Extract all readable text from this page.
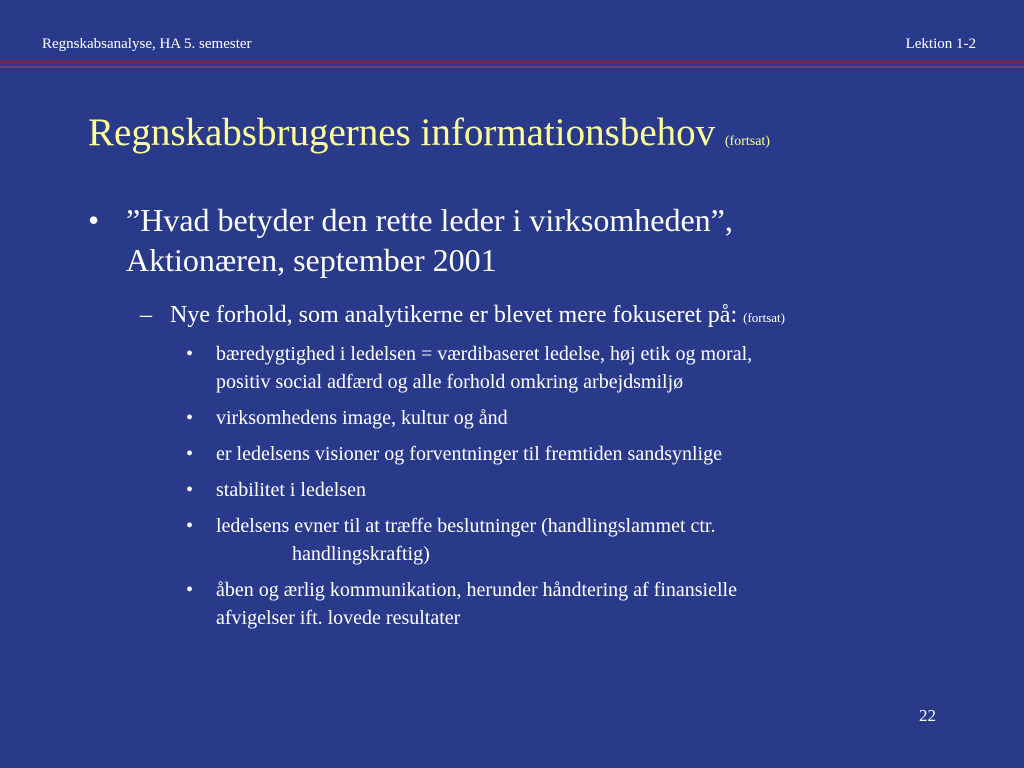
Regnskabsanalyse, HA 5. semester	Lektion 1-2
Regnskabsbrugernes informationsbehov (fortsat)
• ”Hvad betyder den rette leder i virksomheden”,
Aktionæren, september 2001
– Nye forhold, som analytikerne er blevet mere fokuseret på: (fortsat)
• bæredygtighed i ledelsen = værdibaseret ledelse, høj etik og moral,
positiv social adfærd og alle forhold omkring arbejdsmiljø
• virksomhedens image, kultur og ånd
• er ledelsens visioner og forventninger til fremtiden sandsynlige
• stabilitet i ledelsen
• ledelsens evner til at træffe beslutninger (handlingslammet ctr.
handlingskraftig)
• åben og ærlig kommunikation, herunder håndtering af finansielle
afvigelser ift. lovede resultater
22
